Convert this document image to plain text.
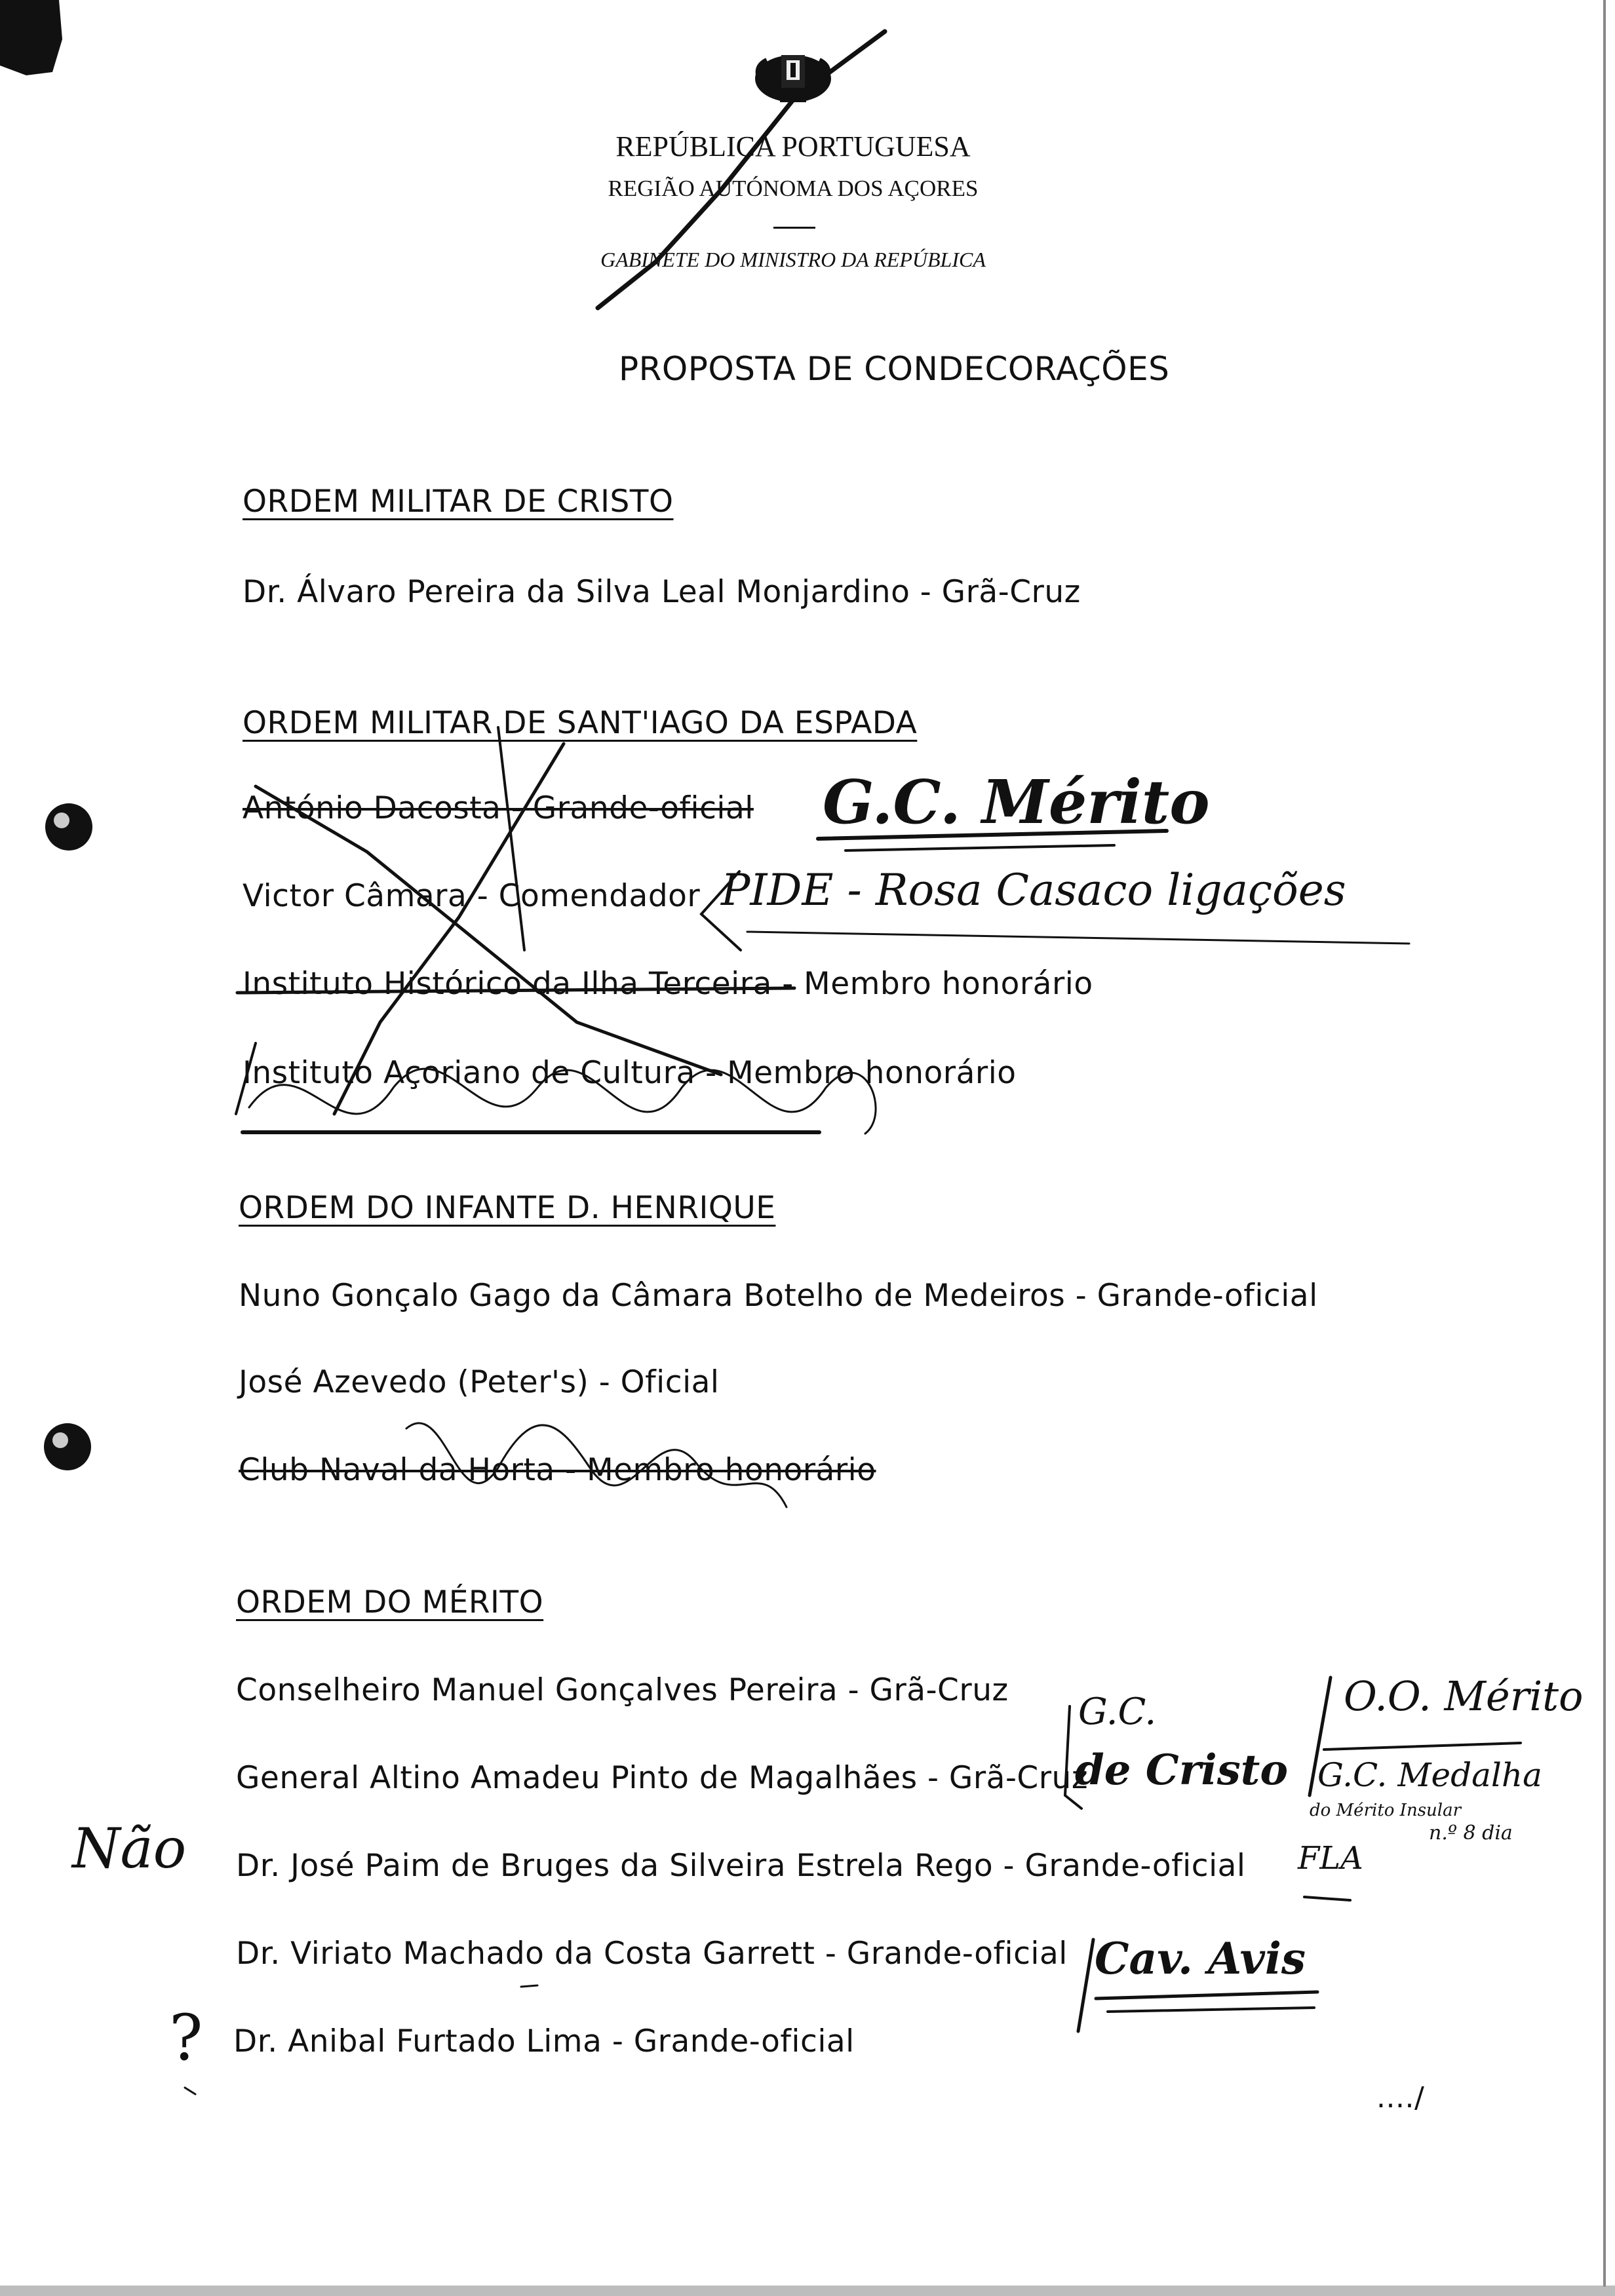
REPÚBLICA PORTUGUESA
REGIÃO AUTÓNOMA DOS AÇORES
GABINETE DO MINISTRO DA REPÚBLICA
PROPOSTA DE CONDECORAÇÕES
ORDEM MILITAR DE CRISTO
Dr. Álvaro Pereira da Silva Leal Monjardino - Grã-Cruz
ORDEM MILITAR DE SANT'IAGO DA ESPADA
António Dacosta - Grande-oficial
Victor Câmara - Comendador
Instituto Histórico da Ilha Terceira - Membro honorário
Instituto Açoriano de Cultura - Membro honorário
ORDEM DO INFANTE D. HENRIQUE
Nuno Gonçalo Gago da Câmara Botelho de Medeiros - Grande-oficial
José Azevedo (Peter's) - Oficial
Club Naval da Horta - Membro honorário
ORDEM DO MÉRITO
Conselheiro Manuel Gonçalves Pereira - Grã-Cruz
General Altino Amadeu Pinto de Magalhães - Grã-Cruz
Dr. José Paim de Bruges da Silveira Estrela Rego - Grande-oficial
Dr. Viriato Machado da Costa Garrett - Grande-oficial
Dr. Anibal Furtado Lima - Grande-oficial
G.C. Mérito
PIDE - Rosa Casaco ligações
G.C.
de Cristo
O.O. Mérito
G.C. Medalha
do Mérito Insular
n.º 8 dia
FLA
Não
Cav. Avis
?
..../
